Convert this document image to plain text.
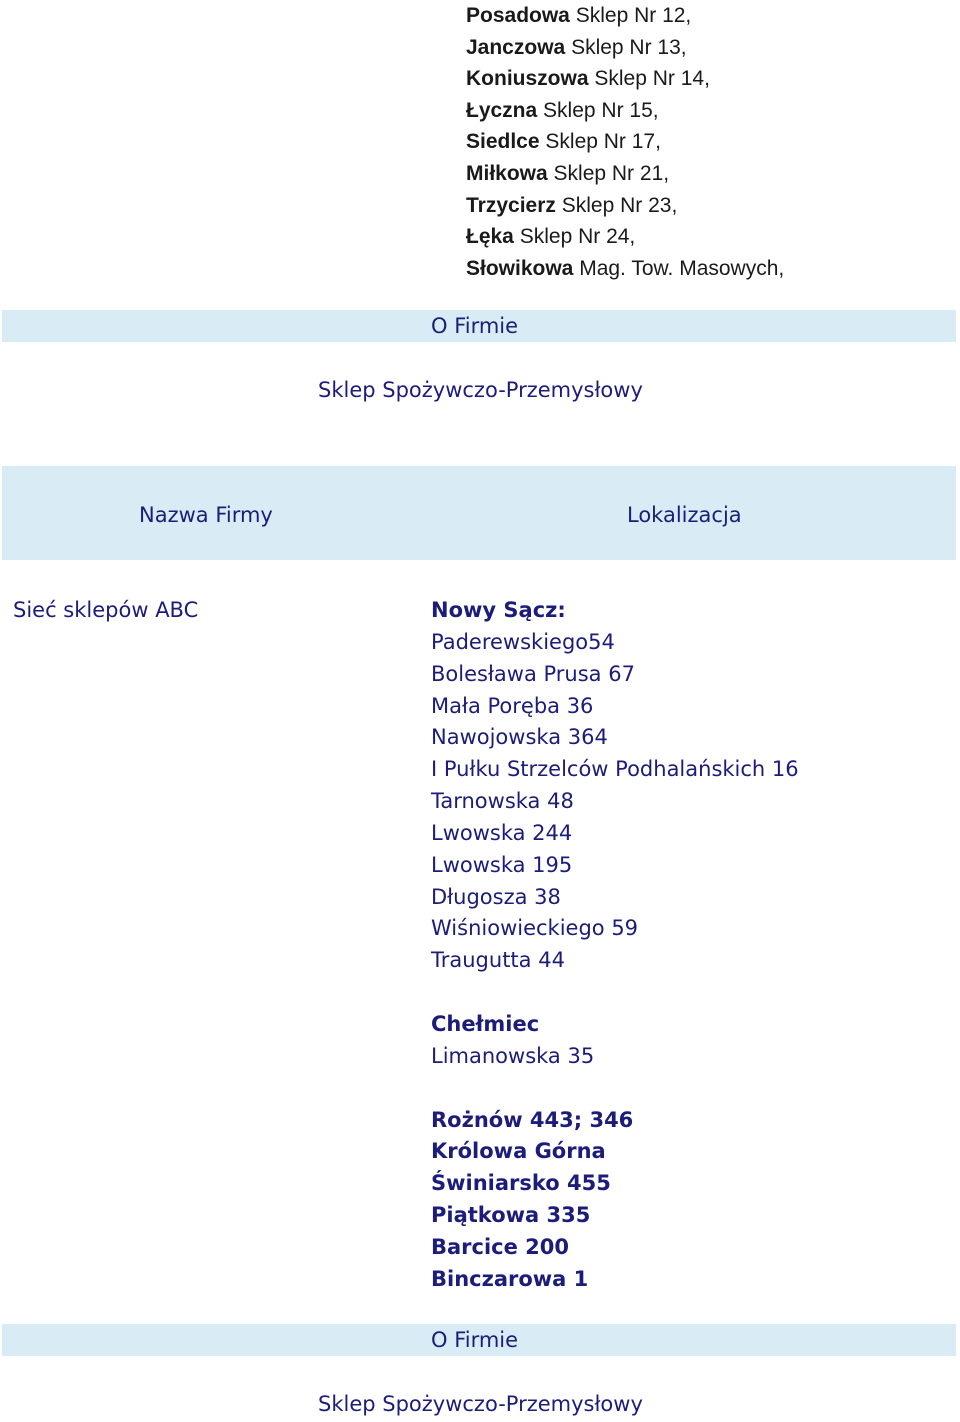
Posadowa Sklep Nr 12,
Janczowa Sklep Nr 13,
Koniuszowa Sklep Nr 14,
Łyczna Sklep Nr 15,
Siedlce Sklep Nr 17,
Miłkowa Sklep Nr 21,
Trzycierz Sklep Nr 23,
Łęka Sklep Nr 24,
Słowikowa Mag. Tow. Masowych,
O Firmie
Sklep Spożywczo-Przemysłowy
Nazwa Firmy	Lokalizacja
Sieć sklepów ABC	Nowy Sącz:
Paderewskiego54
Bolesława Prusa 67
Mała Poręba 36
Nawojowska 364
I Pułku Strzelców Podhalańskich 16
Tarnowska 48
Lwowska 244
Lwowska 195
Długosza 38
Wiśniowieckiego 59
Traugutta 44
Chełmiec
Limanowska 35
Rożnów 443; 346
Królowa Górna
Świniarsko 455
Piątkowa 335
Barcice 200
Binczarowa 1
O Firmie
Sklep Spożywczo-Przemysłowy
